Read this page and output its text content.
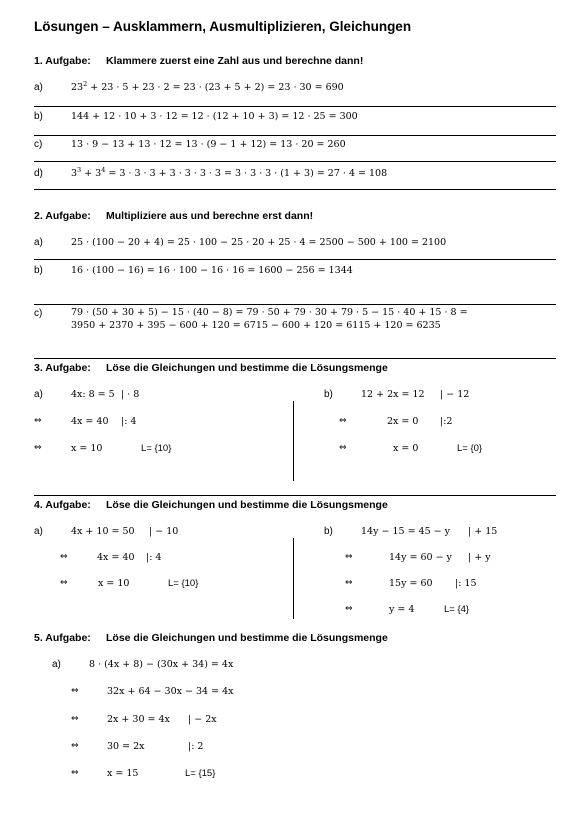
Lösungen – Ausklammern, Ausmultiplizieren, Gleichungen
1. Aufgabe: Klammere zuerst eine Zahl aus und berechne dann!
a)	$23^2 + 23 \cdot 5 + 23 \cdot 2 = 23 \cdot (23 + 5 + 2) = 23 \cdot 30 = 690$
b)	144 + 12 · 10 + 3 · 12 = 12 · (12 + 10 + 3) = 12 · 25 = 300
c)	13 · 9 − 13 + 13 · 12 = 13 · (9 − 1 + 12) = 13 · 20 = 260
d)	$3^3 + 3^4 = 3 \cdot 3 \cdot 3 + 3 \cdot 3 \cdot 3 \cdot 3 = 3 \cdot 3 \cdot 3 \cdot (1 + 3) = 27 \cdot 4 = 108$
2. Aufgabe: Multipliziere aus und berechne erst dann!
a)	25 · (100 − 20 + 4) = 25 · 100 − 25 · 20 + 25 · 4 = 2500 − 500 + 100 = 2100
b)	16 · (100 − 16) = 16 · 100 − 16 · 16 = 1600 − 256 = 1344
c)	79 · (50 + 30 + 5) − 15 · (40 − 8) = 79 · 50 + 79 · 30 + 79 · 5 − 15 · 40 + 15 · 8 =
3950 + 2370 + 395 − 600 + 120 = 6715 − 600 + 120 = 6115 + 120 = 6235
3. Aufgabe: Löse die Gleichungen und bestimme die Lösungsmenge
a)	4x: 8 = 5 | · 8
⇔	4x = 40 |: 4
⇔	x = 10	L= {10}
b)	12 + 2x = 12 | − 12
⇔	2x = 0 |:2
⇔	x = 0	L= {0}
4. Aufgabe: Löse die Gleichungen und bestimme die Lösungsmenge
a)	4x + 10 = 50 | − 10
⇔	4x = 40 |: 4
⇔	x = 10	L= {10}
b)	14y − 15 = 45 − y | + 15
⇔	14y = 60 − y | + y
⇔	15y = 60 |: 15
⇔	y = 4	L= {4}
5. Aufgabe: Löse die Gleichungen und bestimme die Lösungsmenge
a)	8 · (4x + 8) − (30x + 34) = 4x
⇔	32x + 64 − 30x − 34 = 4x
⇔	2x + 30 = 4x | − 2x
⇔	30 = 2x	|: 2
⇔	x = 15	L= {15}
